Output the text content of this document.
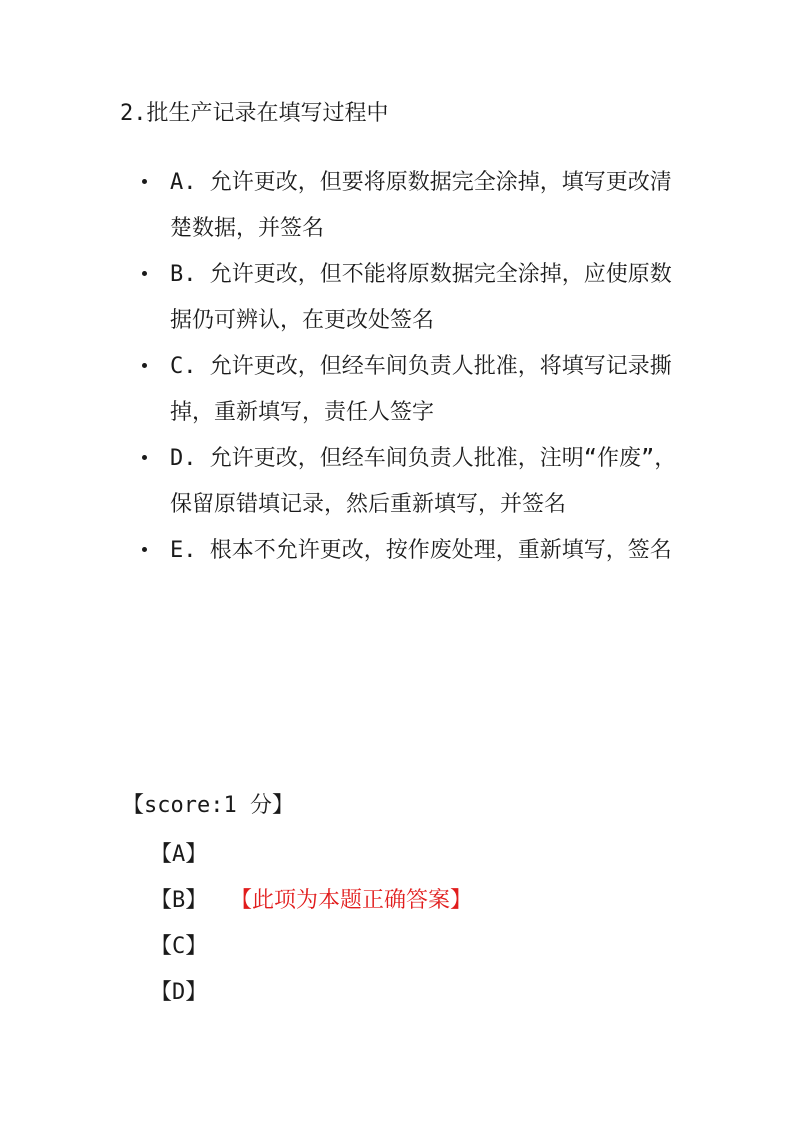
2.批生产记录在填写过程中
A. 允许更改，但要将原数据完全涂掉，填写更改清楚数据，并签名
B. 允许更改，但不能将原数据完全涂掉，应使原数据仍可辨认，在更改处签名
C. 允许更改，但经车间负责人批准，将填写记录撕掉，重新填写，责任人签字
D. 允许更改，但经车间负责人批准，注明“作废”，保留原错填记录，然后重新填写，并签名
E. 根本不允许更改，按作废处理，重新填写，签名
【score:1 分】
【A】
【B】 【此项为本题正确答案】
【C】
【D】
